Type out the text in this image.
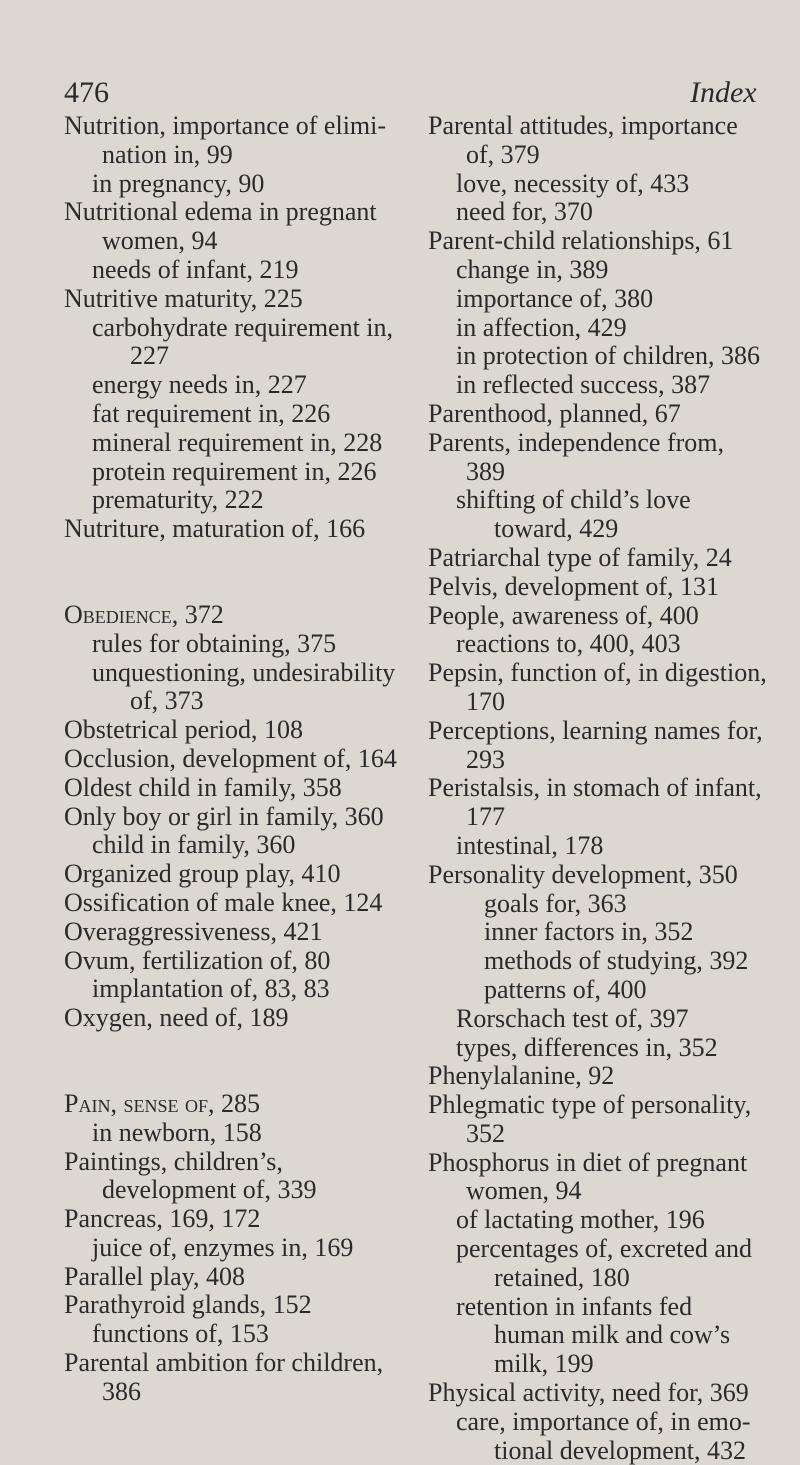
476	Index
Nutrition, importance of elimi-nation in, 99
in pregnancy, 90
Nutritional edema in pregnant women, 94
needs of infant, 219
Nutritive maturity, 225
carbohydrate requirement in, 227
energy needs in, 227
fat requirement in, 226
mineral requirement in, 228
protein requirement in, 226
prematurity, 222
Nutriture, maturation of, 166
Obedience, 372
rules for obtaining, 375
unquestioning, undesirability of, 373
Obstetrical period, 108
Occlusion, development of, 164
Oldest child in family, 358
Only boy or girl in family, 360
child in family, 360
Organized group play, 410
Ossification of male knee, 124
Overaggressiveness, 421
Ovum, fertilization of, 80
implantation of, 83, 83
Oxygen, need of, 189
Pain, sense of, 285
in newborn, 158
Paintings, children’s, development of, 339
Pancreas, 169, 172
juice of, enzymes in, 169
Parallel play, 408
Parathyroid glands, 152
functions of, 153
Parental ambition for children, 386
Parental attitudes, importance of, 379
love, necessity of, 433
need for, 370
Parent-child relationships, 61
change in, 389
importance of, 380
in affection, 429
in protection of children, 386
in reflected success, 387
Parenthood, planned, 67
Parents, independence from, 389
shifting of child’s love toward, 429
Patriarchal type of family, 24
Pelvis, development of, 131
People, awareness of, 400
reactions to, 400, 403
Pepsin, function of, in digestion, 170
Perceptions, learning names for, 293
Peristalsis, in stomach of infant, 177
intestinal, 178
Personality development, 350
goals for, 363
inner factors in, 352
methods of studying, 392
patterns of, 400
Rorschach test of, 397
types, differences in, 352
Phenylalanine, 92
Phlegmatic type of personality, 352
Phosphorus in diet of pregnant women, 94
of lactating mother, 196
percentages of, excreted and retained, 180
retention in infants fed human milk and cow’s milk, 199
Physical activity, need for, 369
care, importance of, in emo-tional development, 432
